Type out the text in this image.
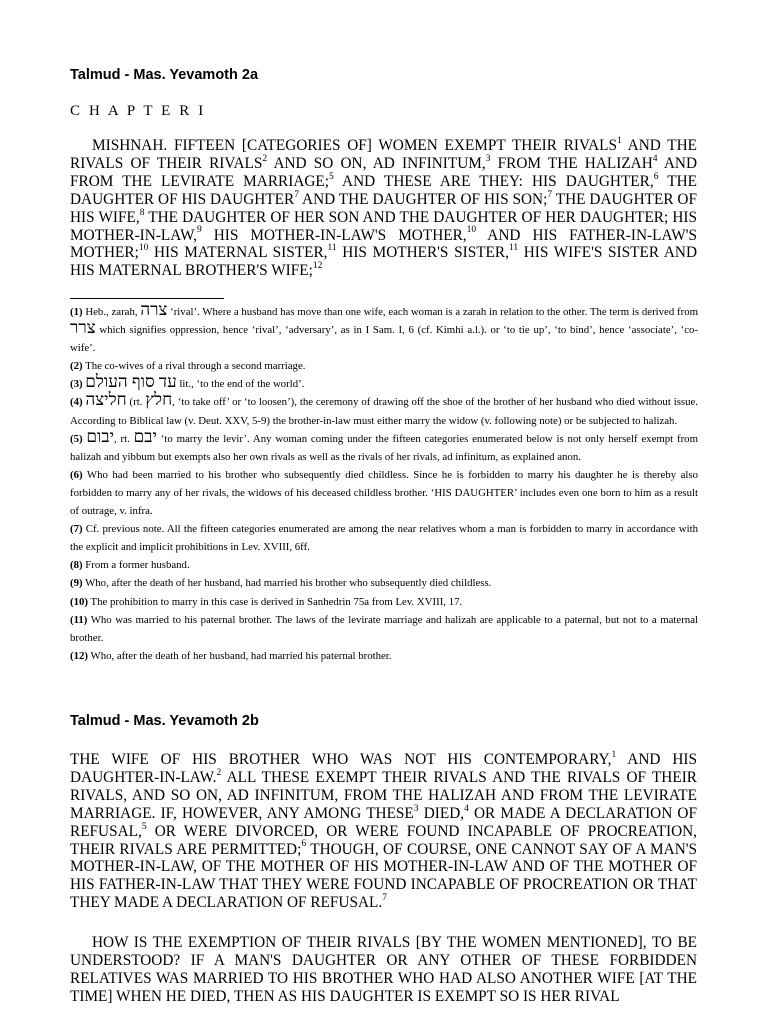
Talmud - Mas. Yevamoth 2a
C H A P T E R I
MISHNAH. FIFTEEN [CATEGORIES OF] WOMEN EXEMPT THEIR RIVALS$^1$ AND THE RIVALS OF THEIR RIVALS$^2$ AND SO ON, AD INFINITUM,$^3$ FROM THE HALIZAH$^4$ AND FROM THE LEVIRATE MARRIAGE;$^5$ AND THESE ARE THEY: HIS DAUGHTER,$^6$ THE DAUGHTER OF HIS DAUGHTER$^7$ AND THE DAUGHTER OF HIS SON;$^7$ THE DAUGHTER OF HIS WIFE,$^8$ THE DAUGHTER OF HER SON AND THE DAUGHTER OF HER DAUGHTER; HIS MOTHER-IN-LAW,$^9$ HIS MOTHER-IN-LAW'S MOTHER,$^{10}$ AND HIS FATHER-IN-LAW'S MOTHER;$^{10}$ HIS MATERNAL SISTER,$^{11}$ HIS MOTHER'S SISTER,$^{11}$ HIS WIFE'S SISTER AND HIS MATERNAL BROTHER'S WIFE;$^{12}$

(1) Heb., zarah, צרה ‘rival’. Where a husband has move than one wife, each woman is a zarah in relation to the other. The term is derived from צרר which signifies oppression, hence ‘rival’, ‘adversary’, as in I Sam. I, 6 (cf. Kimhi a.l.). or ‘to tie up’, ‘to bind’, hence ‘associate’, ‘co-wife’.

(2) The co-wives of a rival through a second marriage.

(3) עד סוף העולם lit., ‘to the end of the world’.

(4) חליצה (rt. חלץ, ‘to take off’ or ‘to loosen’), the ceremony of drawing off the shoe of the brother of her husband who died without issue. According to Biblical law (v. Deut. XXV, 5-9) the brother-in-law must either marry the widow (v. following note) or be subjected to halizah.

(5) יבום, rt. יבם ‘to marry the levir’. Any woman coming under the fifteen categories enumerated below is not only herself exempt from halizah and yibbum but exempts also her own rivals as well as the rivals of her rivals, ad infinitum, as explained anon.

(6) Who had been married to his brother who subsequently died childless. Since he is forbidden to marry his daughter he is thereby also forbidden to marry any of her rivals, the widows of his deceased childless brother. ‘HIS DAUGHTER’ includes even one born to him as a result of outrage, v. infra.

(7) Cf. previous note. All the fifteen categories enumerated are among the near relatives whom a man is forbidden to marry in accordance with the explicit and implicit prohibitions in Lev. XVIII, 6ff.

(8) From a former husband.

(9) Who, after the death of her husband, had married his brother who subsequently died childless.

(10) The prohibition to marry in this case is derived in Sanhedrin 75a from Lev. XVIII, 17.

(11) Who was married to his paternal brother. The laws of the levirate marriage and halizah are applicable to a paternal, but not to a maternal brother.

(12) Who, after the death of her husband, had married his paternal brother.

Talmud - Mas. Yevamoth 2b
THE WIFE OF HIS BROTHER WHO WAS NOT HIS CONTEMPORARY,$^1$ AND HIS DAUGHTER-IN-LAW.$^2$ ALL THESE EXEMPT THEIR RIVALS AND THE RIVALS OF THEIR RIVALS, AND SO ON, AD INFINITUM, FROM THE HALIZAH AND FROM THE LEVIRATE MARRIAGE. IF, HOWEVER, ANY AMONG THESE$^3$ DIED,$^4$ OR MADE A DECLARATION OF REFUSAL,$^5$ OR WERE DIVORCED, OR WERE FOUND INCAPABLE OF PROCREATION, THEIR RIVALS ARE PERMITTED;$^6$ THOUGH, OF COURSE, ONE CANNOT SAY OF A MAN'S MOTHER-IN-LAW, OF THE MOTHER OF HIS MOTHER-IN-LAW AND OF THE MOTHER OF HIS FATHER-IN-LAW THAT THEY WERE FOUND INCAPABLE OF PROCREATION OR THAT THEY MADE A DECLARATION OF REFUSAL.$^7$
HOW IS THE EXEMPTION OF THEIR RIVALS [BY THE WOMEN MENTIONED], TO BE UNDERSTOOD? IF A MAN'S DAUGHTER OR ANY OTHER OF THESE FORBIDDEN RELATIVES WAS MARRIED TO HIS BROTHER WHO HAD ALSO ANOTHER WIFE [AT THE TIME] WHEN HE DIED, THEN AS HIS DAUGHTER IS EXEMPT SO IS HER RIVAL
